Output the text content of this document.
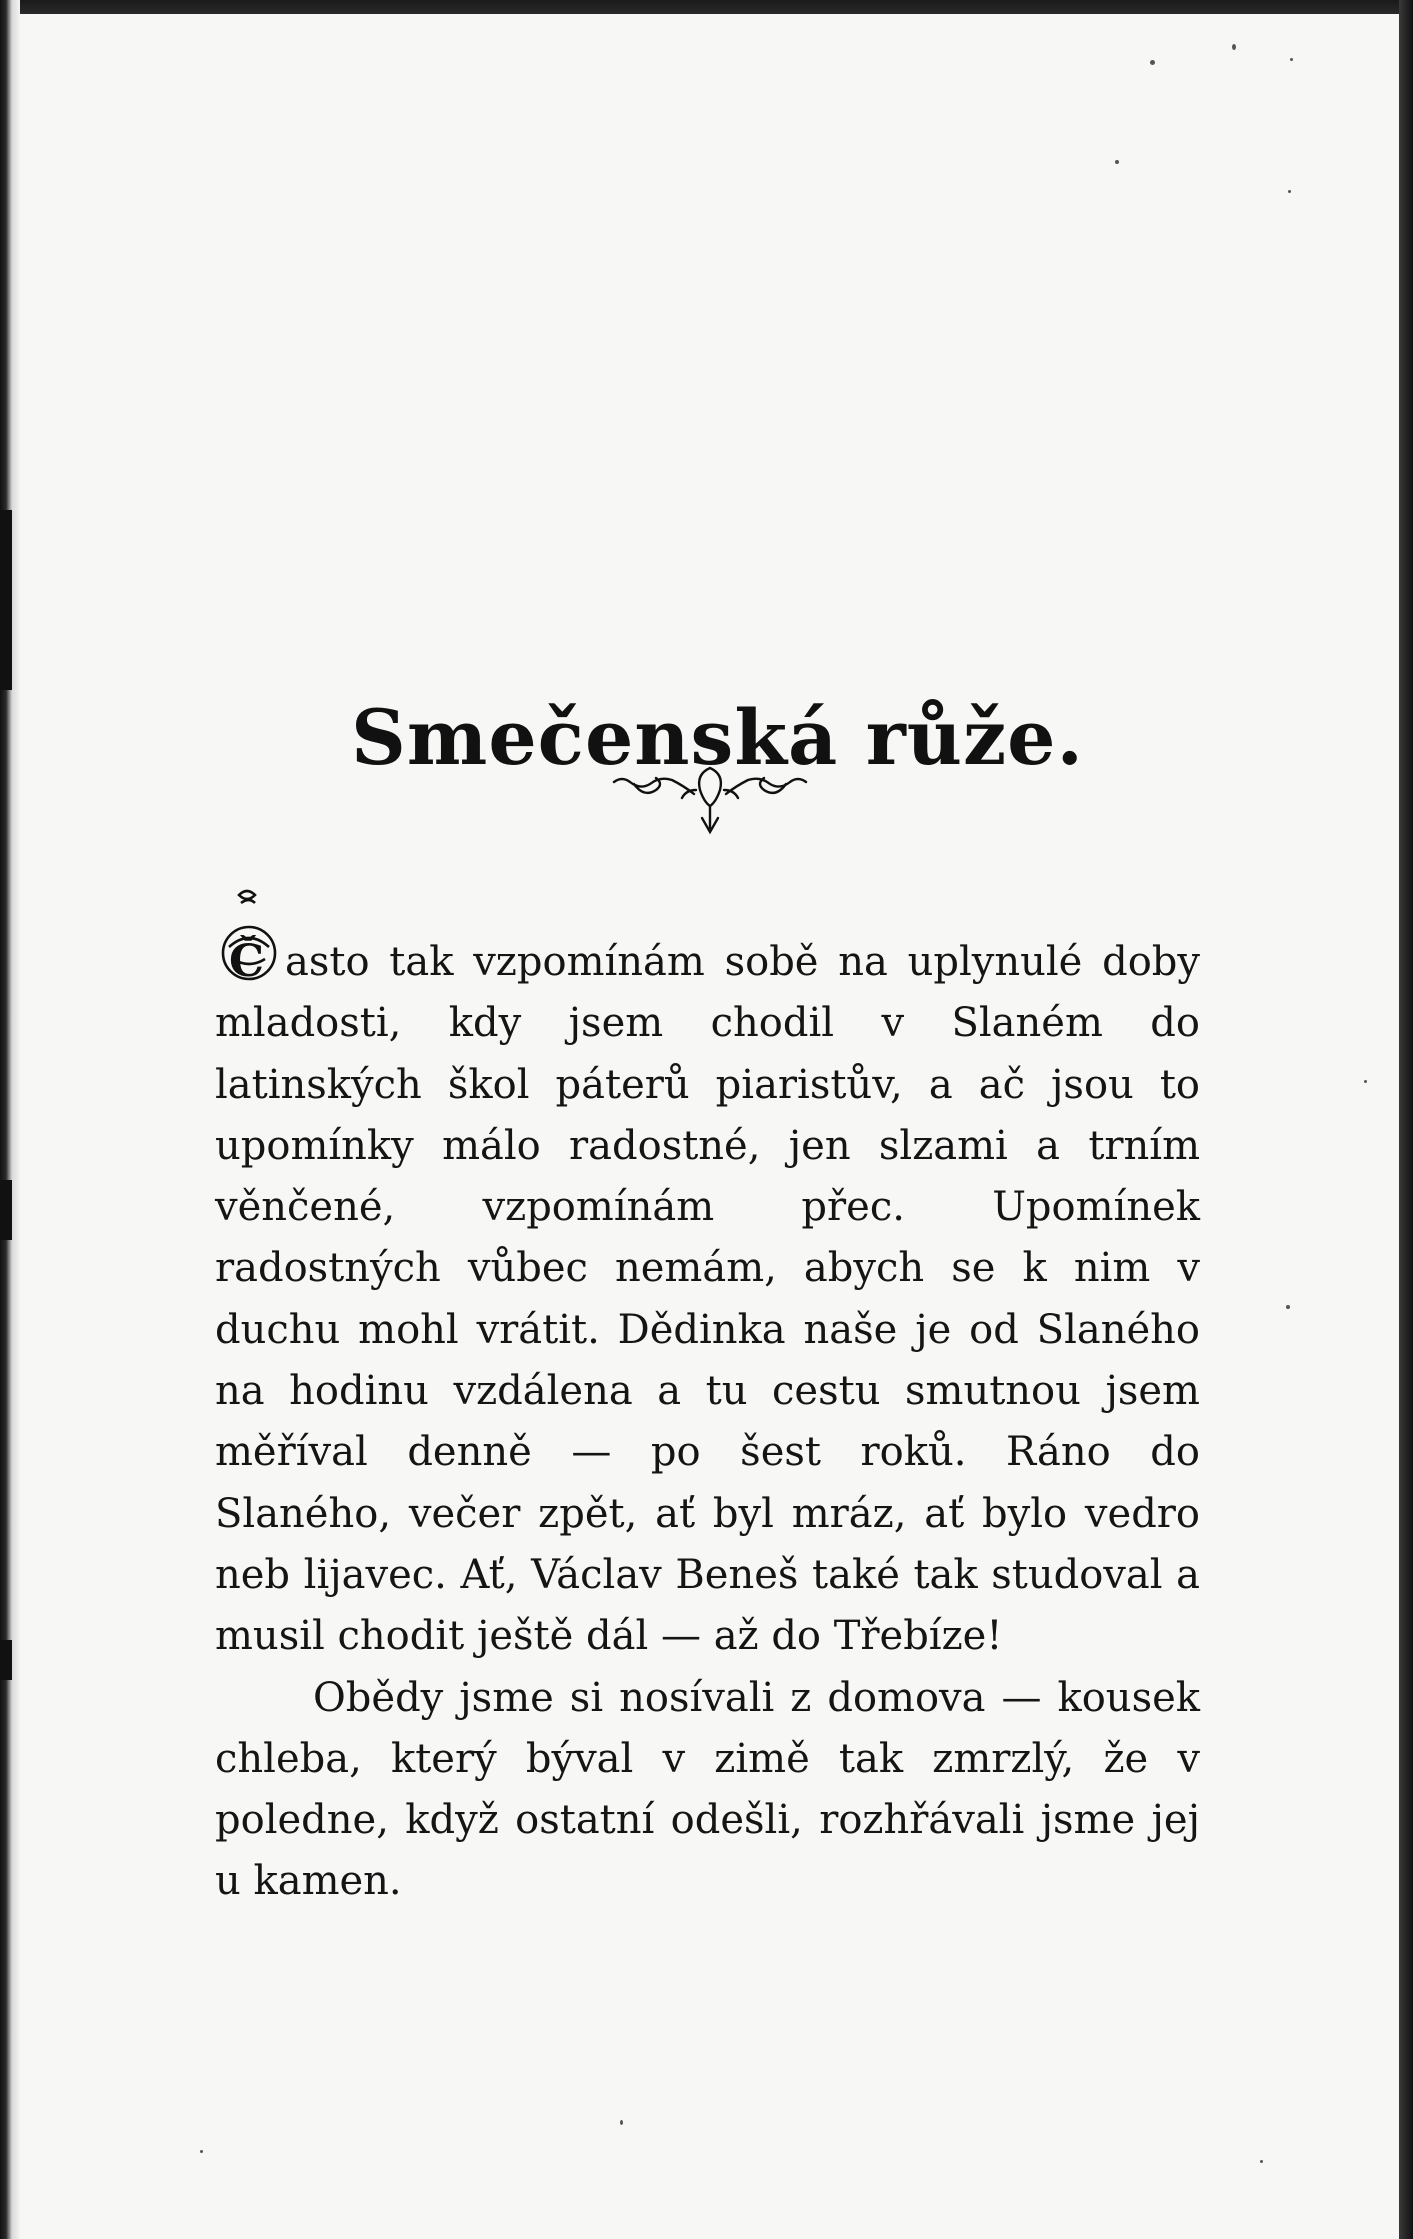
Smečenská růže.

Č asto tak vzpomínám sobě na uplynulé doby mladosti, kdy jsem chodil v Slaném do latinských škol páterů piaristův, a ač jsou to upomínky málo radostné, jen slzami a trním věnčené, vzpomínám přec. Upomínek radostných vůbec nemám, abych se k nim v duchu mohl vrátit. Dědinka naše je od Slaného na hodinu vzdálena a tu cestu smutnou jsem měříval denně — po šest roků. Ráno do Slaného, večer zpět, ať byl mráz, ať bylo vedro neb lijavec. Ať, Václav Beneš také tak studoval a musil chodit ještě dál — až do Třebíze!

Obědy jsme si nosívali z domova — kousek chleba, který býval v zimě tak zmrzlý, že v poledne, když ostatní odešli, rozhřávali jsme jej u kamen.
